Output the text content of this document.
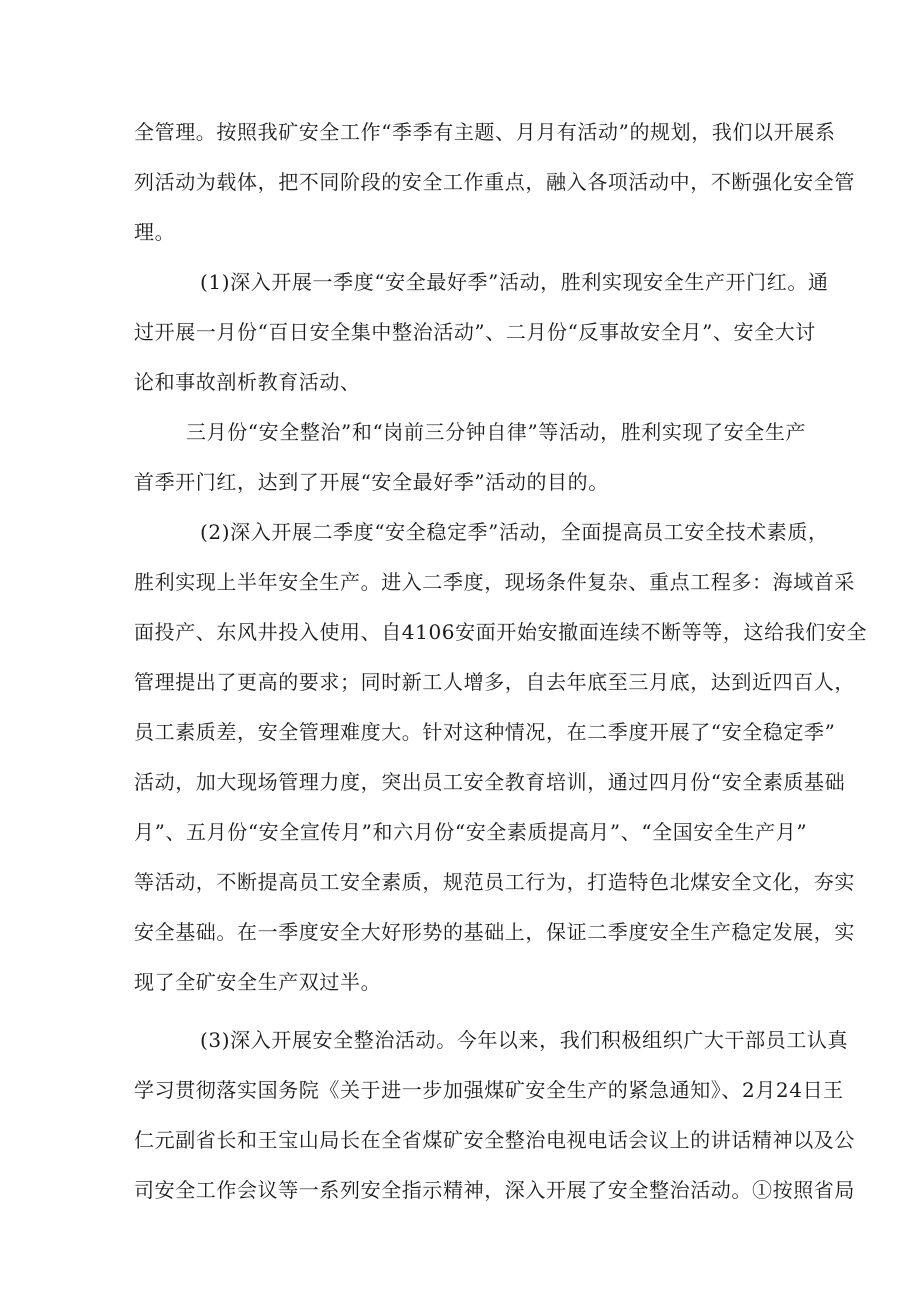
全管理。按照我矿安全工作“季季有主题、月月有活动”的规划，我们以开展系
列活动为载体，把不同阶段的安全工作重点，融入各项活动中，不断强化安全管
理。
(1)深入开展一季度“安全最好季”活动，胜利实现安全生产开门红。通
过开展一月份“百日安全集中整治活动”、二月份“反事故安全月”、安全大讨
论和事故剖析教育活动、
三月份“安全整治”和“岗前三分钟自律”等活动，胜利实现了安全生产
首季开门红，达到了开展“安全最好季”活动的目的。
(2)深入开展二季度“安全稳定季”活动，全面提高员工安全技术素质，
胜利实现上半年安全生产。进入二季度，现场条件复杂、重点工程多：海域首采
面投产、东风井投入使用、自4106安面开始安撤面连续不断等等，这给我们安全
管理提出了更高的要求；同时新工人增多，自去年底至三月底，达到近四百人，
员工素质差，安全管理难度大。针对这种情况，在二季度开展了“安全稳定季”
活动，加大现场管理力度，突出员工安全教育培训，通过四月份“安全素质基础
月”、五月份“安全宣传月”和六月份“安全素质提高月”、“全国安全生产月”
等活动，不断提高员工安全素质，规范员工行为，打造特色北煤安全文化，夯实
安全基础。在一季度安全大好形势的基础上，保证二季度安全生产稳定发展，实
现了全矿安全生产双过半。
(3)深入开展安全整治活动。今年以来，我们积极组织广大干部员工认真
学习贯彻落实国务院《关于进一步加强煤矿安全生产的紧急通知》、2月24日王
仁元副省长和王宝山局长在全省煤矿安全整治电视电话会议上的讲话精神以及公
司安全工作会议等一系列安全指示精神，深入开展了安全整治活动。①按照省局
